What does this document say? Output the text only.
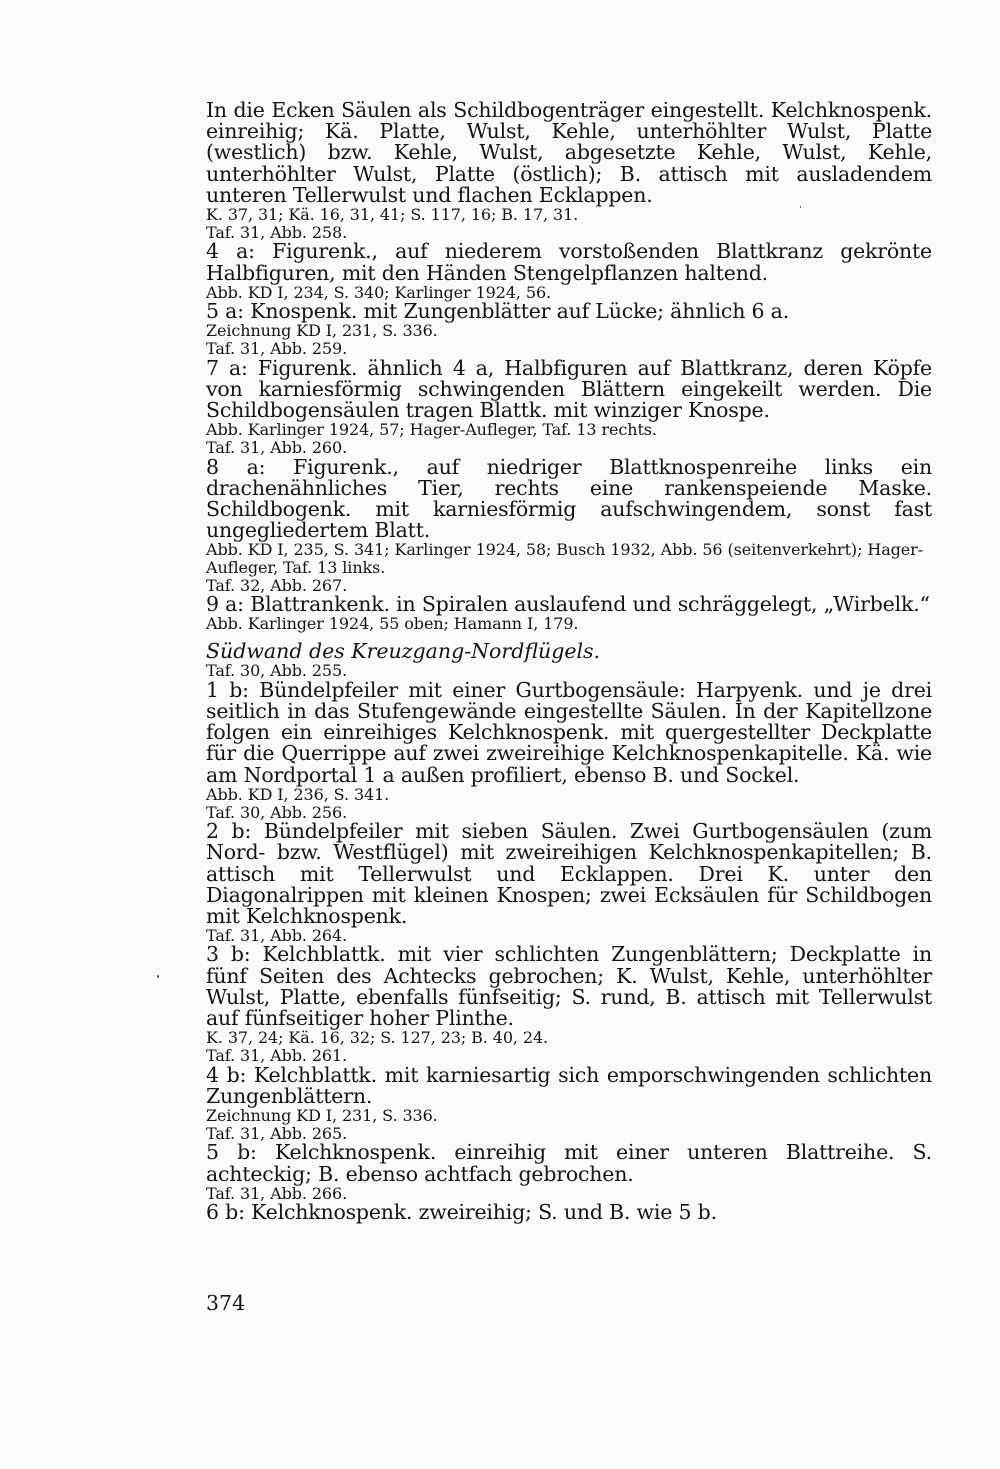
In die Ecken Säulen als Schildbogenträger eingestellt. Kelchknospenk. einreihig; Kä. Platte, Wulst, Kehle, unterhöhlter Wulst, Platte (westlich) bzw. Kehle, Wulst, abgesetzte Kehle, Wulst, Kehle, unterhöhlter Wulst, Platte (östlich); B. attisch mit ausladendem unteren Tellerwulst und flachen Ecklappen.

K. 37, 31; Kä. 16, 31, 41; S. 117, 16; B. 17, 31.

Taf. 31, Abb. 258.

4 a: Figurenk., auf niederem vorstoßenden Blattkranz gekrönte Halbfiguren, mit den Händen Stengelpflanzen haltend.

Abb. KD I, 234, S. 340; Karlinger 1924, 56.

5 a: Knospenk. mit Zungenblätter auf Lücke; ähnlich 6 a.

Zeichnung KD I, 231, S. 336.

Taf. 31, Abb. 259.

7 a: Figurenk. ähnlich 4 a, Halbfiguren auf Blattkranz, deren Köpfe von karniesförmig schwingenden Blättern eingekeilt werden. Die Schildbogensäulen tragen Blattk. mit winziger Knospe.

Abb. Karlinger 1924, 57; Hager-Aufleger, Taf. 13 rechts.

Taf. 31, Abb. 260.

8 a: Figurenk., auf niedriger Blattknospenreihe links ein drachenähnliches Tier, rechts eine rankenspeiende Maske. Schildbogenk. mit karniesförmig aufschwingendem, sonst fast ungegliedertem Blatt.

Abb. KD I, 235, S. 341; Karlinger 1924, 58; Busch 1932, Abb. 56 (seitenverkehrt); Hager-Aufleger, Taf. 13 links.

Taf. 32, Abb. 267.

9 a: Blattrankenk. in Spiralen auslaufend und schräggelegt, „Wirbelk.“

Abb. Karlinger 1924, 55 oben; Hamann I, 179.

Südwand des Kreuzgang-Nordflügels.

Taf. 30, Abb. 255.

1 b: Bündelpfeiler mit einer Gurtbogensäule: Harpyenk. und je drei seitlich in das Stufengewände eingestellte Säulen. In der Kapitellzone folgen ein einreihiges Kelchknospenk. mit quergestellter Deckplatte für die Querrippe auf zwei zweireihige Kelchknospenkapitelle. Kä. wie am Nordportal 1 a außen profiliert, ebenso B. und Sockel.

Abb. KD I, 236, S. 341.

Taf. 30, Abb. 256.

2 b: Bündelpfeiler mit sieben Säulen. Zwei Gurtbogensäulen (zum Nord- bzw. Westflügel) mit zweireihigen Kelchknospenkapitellen; B. attisch mit Tellerwulst und Ecklappen. Drei K. unter den Diagonalrippen mit kleinen Knospen; zwei Ecksäulen für Schildbogen mit Kelchknospenk.

Taf. 31, Abb. 264.

3 b: Kelchblattk. mit vier schlichten Zungenblättern; Deckplatte in fünf Seiten des Achtecks gebrochen; K. Wulst, Kehle, unterhöhlter Wulst, Platte, ebenfalls fünfseitig; S. rund, B. attisch mit Tellerwulst auf fünfseitiger hoher Plinthe.

K. 37, 24; Kä. 16, 32; S. 127, 23; B. 40, 24.

Taf. 31, Abb. 261.

4 b: Kelchblattk. mit karniesartig sich emporschwingenden schlichten Zungenblättern.

Zeichnung KD I, 231, S. 336.

Taf. 31, Abb. 265.

5 b: Kelchknospenk. einreihig mit einer unteren Blattreihe. S. achteckig; B. ebenso achtfach gebrochen.

Taf. 31, Abb. 266.

6 b: Kelchknospenk. zweireihig; S. und B. wie 5 b.

374
